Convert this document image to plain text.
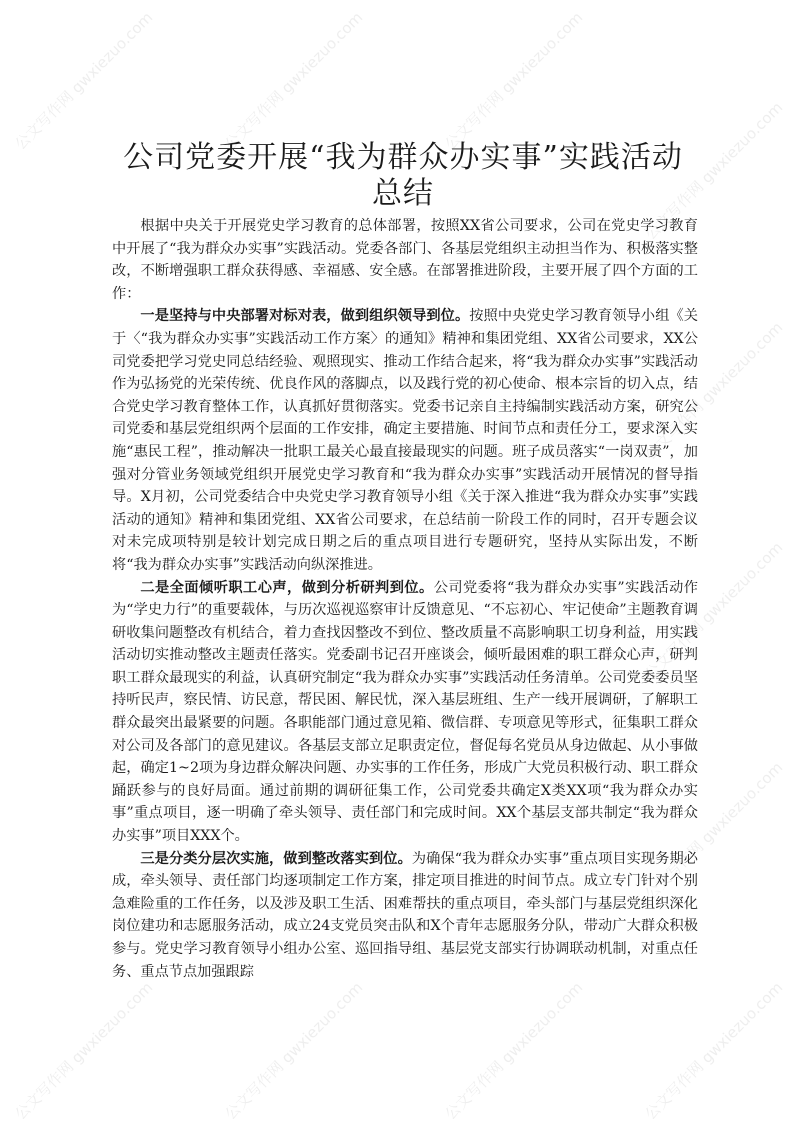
公文写作网 gwxiezuo.com	公文写作网 gwxiezuo.com	公文写作网 gwxiezuo.com
公文写作网 gwxiezuo.com
公文写作网 gwxiezuo.com
公文写作网 gwxiezuo.com
公文写作网 gwxiezuo.com
公文写作网 gwxiezuo.com
公文写作网 gwxiezuo.com	公文写作网 gwxiezuo.com	公文写作网 gwxiezuo.com
公司党委开展“我为群众办实事”实践活动总结

根据中央关于开展党史学习教育的总体部署，按照XX省公司要求，公司在党史学习教育中开展了“我为群众办实事”实践活动。党委各部门、各基层党组织主动担当作为、积极落实整改，不断增强职工群众获得感、幸福感、安全感。在部署推进阶段，主要开展了四个方面的工作：

一是坚持与中央部署对标对表，做到组织领导到位。按照中央党史学习教育领导小组《关于〈“我为群众办实事”实践活动工作方案〉的通知》精神和集团党组、XX省公司要求，XX公司党委把学习党史同总结经验、观照现实、推动工作结合起来，将“我为群众办实事”实践活动作为弘扬党的光荣传统、优良作风的落脚点，以及践行党的初心使命、根本宗旨的切入点，结合党史学习教育整体工作，认真抓好贯彻落实。党委书记亲自主持编制实践活动方案，研究公司党委和基层党组织两个层面的工作安排，确定主要措施、时间节点和责任分工，要求深入实施“惠民工程”，推动解决一批职工最关心最直接最现实的问题。班子成员落实“一岗双责”，加强对分管业务领域党组织开展党史学习教育和“我为群众办实事”实践活动开展情况的督导指导。X月初，公司党委结合中央党史学习教育领导小组《关于深入推进“我为群众办实事”实践活动的通知》精神和集团党组、XX省公司要求，在总结前一阶段工作的同时，召开专题会议对未完成项特别是较计划完成日期之后的重点项目进行专题研究，坚持从实际出发，不断将“我为群众办实事”实践活动向纵深推进。

二是全面倾听职工心声，做到分析研判到位。公司党委将“我为群众办实事”实践活动作为“学史力行”的重要载体，与历次巡视巡察审计反馈意见、“不忘初心、牢记使命”主题教育调研收集问题整改有机结合，着力查找因整改不到位、整改质量不高影响职工切身利益，用实践活动切实推动整改主题责任落实。党委副书记召开座谈会，倾听最困难的职工群众心声，研判职工群众最现实的利益，认真研究制定“我为群众办实事”实践活动任务清单。公司党委委员坚持听民声，察民情、访民意，帮民困、解民忧，深入基层班组、生产一线开展调研，了解职工群众最突出最紧要的问题。各职能部门通过意见箱、微信群、专项意见等形式，征集职工群众对公司及各部门的意见建议。各基层支部立足职责定位，督促每名党员从身边做起、从小事做起，确定1~2项为身边群众解决问题、办实事的工作任务，形成广大党员积极行动、职工群众踊跃参与的良好局面。通过前期的调研征集工作，公司党委共确定X类XX项“我为群众办实事”重点项目，逐一明确了牵头领导、责任部门和完成时间。XX个基层支部共制定“我为群众办实事”项目XXX个。

三是分类分层次实施，做到整改落实到位。为确保“我为群众办实事”重点项目实现务期必成，牵头领导、责任部门均逐项制定工作方案，排定项目推进的时间节点。成立专门针对个别急难险重的工作任务，以及涉及职工生活、困难帮扶的重点项目，牵头部门与基层党组织深化岗位建功和志愿服务活动，成立24支党员突击队和X个青年志愿服务分队，带动广大群众积极参与。党史学习教育领导小组办公室、巡回指导组、基层党支部实行协调联动机制，对重点任务、重点节点加强跟踪
